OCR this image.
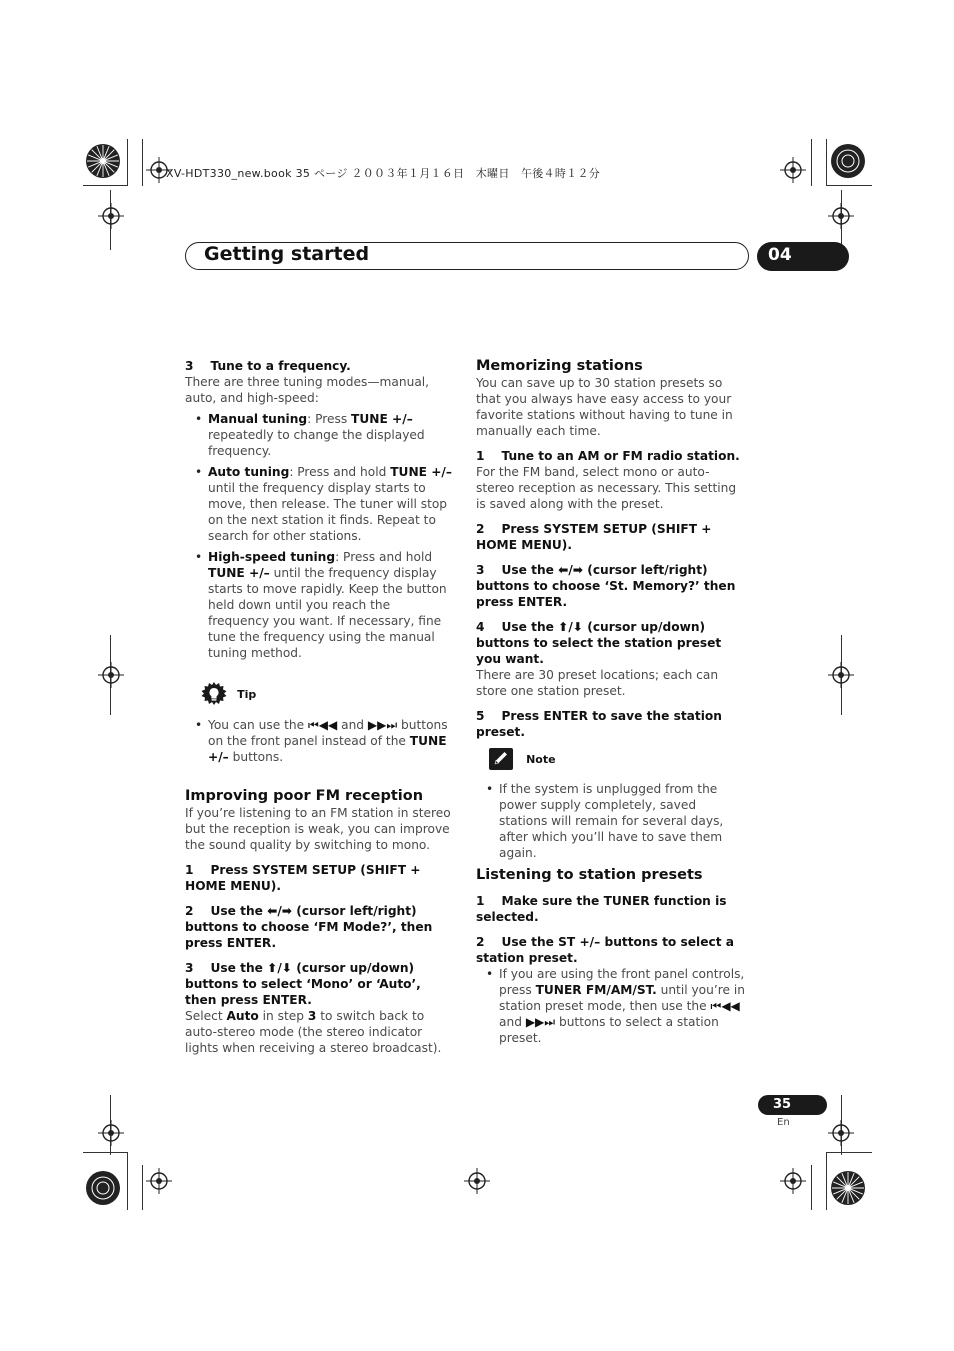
XV-HDT330_new.book 35 ページ ２００３年１月１６日　木曜日　午後４時１２分
Getting started	04

3 Tune to a frequency.

There are three tuning modes—manual, auto, and high-speed:

• Manual tuning: Press TUNE +/– repeatedly to change the displayed frequency.

• Auto tuning: Press and hold TUNE +/– until the frequency display starts to move, then release. The tuner will stop on the next station it finds. Repeat to search for other stations.

• High-speed tuning: Press and hold TUNE +/– until the frequency display starts to move rapidly. Keep the button held down until you reach the frequency you want. If necessary, fine tune the frequency using the manual tuning method.

Tip

• You can use the ⏮◀◀ and ▶▶⏭ buttons on the front panel instead of the TUNE +/– buttons.

Improving poor FM reception

If you’re listening to an FM station in stereo but the reception is weak, you can improve the sound quality by switching to mono.

1 Press SYSTEM SETUP (SHIFT + HOME MENU).

2 Use the ⬅/➡ (cursor left/right) buttons to choose ‘FM Mode?’, then press ENTER.

3 Use the ⬆/⬇ (cursor up/down) buttons to select ‘Mono’ or ‘Auto’, then press ENTER.

Select Auto in step 3 to switch back to auto-stereo mode (the stereo indicator lights when receiving a stereo broadcast).

Memorizing stations

You can save up to 30 station presets so that you always have easy access to your favorite stations without having to tune in manually each time.

1 Tune to an AM or FM radio station.

For the FM band, select mono or auto-stereo reception as necessary. This setting is saved along with the preset.

2 Press SYSTEM SETUP (SHIFT + HOME MENU).

3 Use the ⬅/➡ (cursor left/right) buttons to choose ‘St. Memory?’ then press ENTER.

4 Use the ⬆/⬇ (cursor up/down) buttons to select the station preset you want.

There are 30 preset locations; each can store one station preset.

5 Press ENTER to save the station preset.

Note

• If the system is unplugged from the power supply completely, saved stations will remain for several days, after which you’ll have to save them again.

Listening to station presets

1 Make sure the TUNER function is selected.

2 Use the ST +/– buttons to select a station preset.

• If you are using the front panel controls, press TUNER FM/AM/ST. until you’re in station preset mode, then use the ⏮◀◀ and ▶▶⏭ buttons to select a station preset.

35
En
